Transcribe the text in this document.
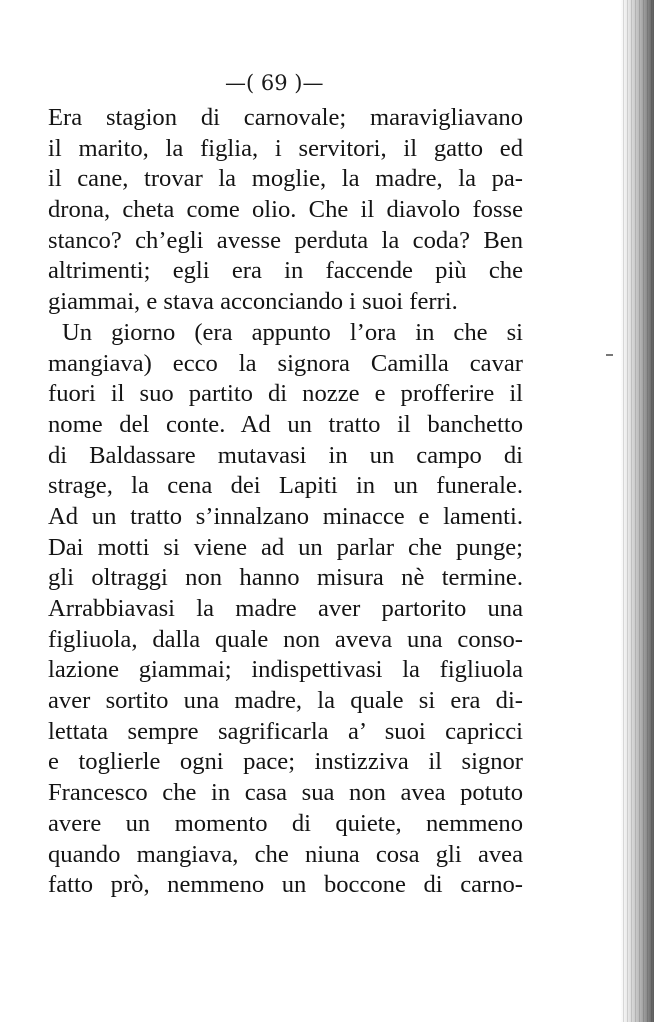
—( 69 )—
Era stagion di carnovale; maravigliavano
il marito, la figlia, i servitori, il gatto ed
il cane, trovar la moglie, la madre, la pa-
drona, cheta come olio. Che il diavolo fosse
stanco? ch’egli avesse perduta la coda? Ben
altrimenti; egli era in faccende più che
giammai, e stava acconciando i suoi ferri.
Un giorno (era appunto l’ora in che si
mangiava) ecco la signora Camilla cavar
fuori il suo partito di nozze e profferire il
nome del conte. Ad un tratto il banchetto
di Baldassare mutavasi in un campo di
strage, la cena dei Lapiti in un funerale.
Ad un tratto s’innalzano minacce e lamenti.
Dai motti si viene ad un parlar che punge;
gli oltraggi non hanno misura nè termine.
Arrabbiavasi la madre aver partorito una
figliuola, dalla quale non aveva una conso-
lazione giammai; indispettivasi la figliuola
aver sortito una madre, la quale si era di-
lettata sempre sagrificarla a’ suoi capricci
e toglierle ogni pace; instizziva il signor
Francesco che in casa sua non avea potuto
avere un momento di quiete, nemmeno
quando mangiava, che niuna cosa gli avea
fatto prò, nemmeno un boccone di carno-
